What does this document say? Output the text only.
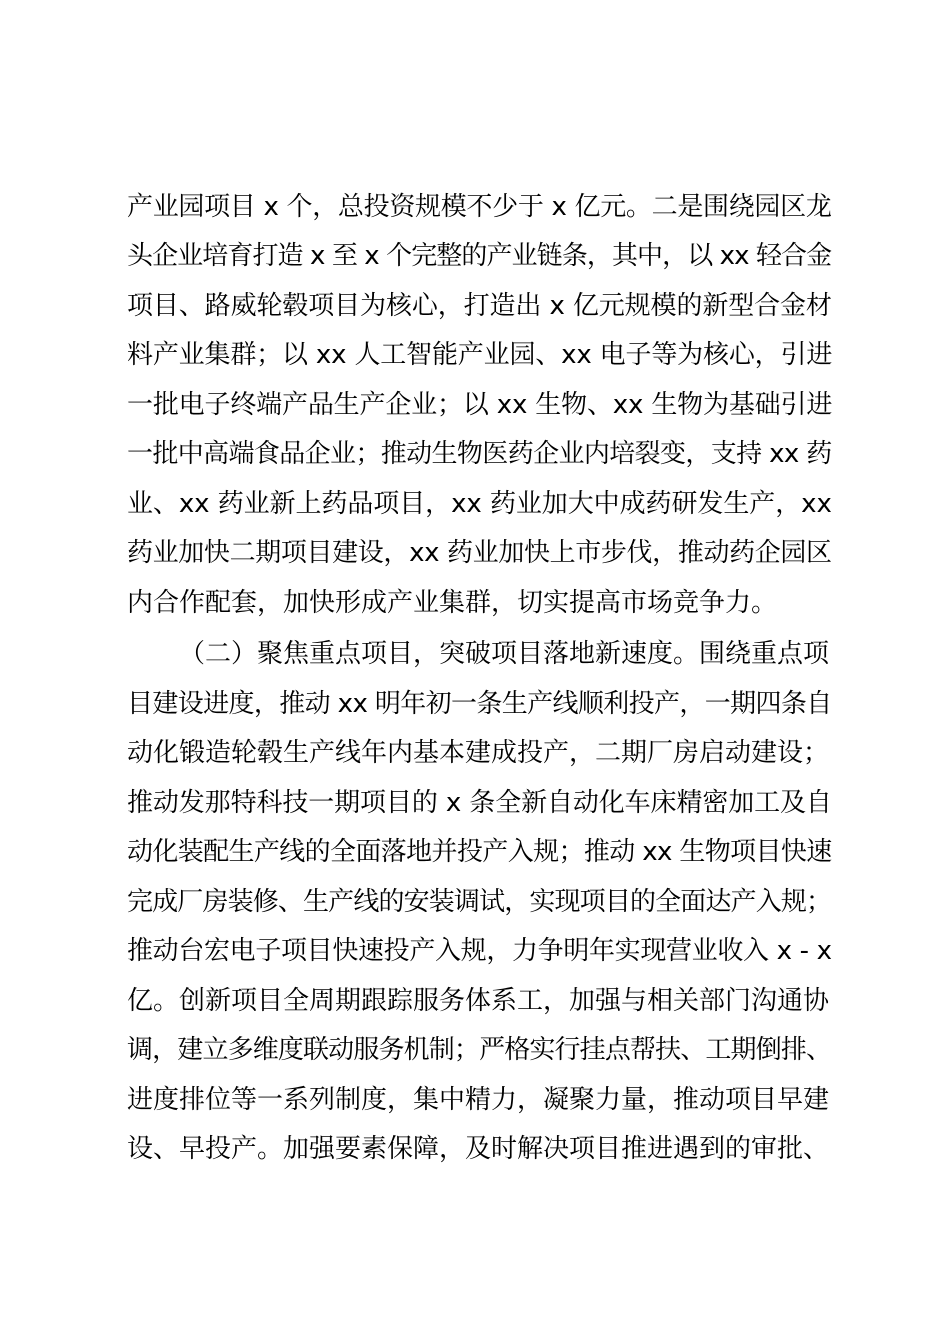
产业园项目 x 个，总投资规模不少于 x 亿元。二是围绕园区龙
头企业培育打造 x 至 x 个完整的产业链条，其中，以 xx 轻合金
项目、路威轮毂项目为核心，打造出 x 亿元规模的新型合金材
料产业集群；以 xx 人工智能产业园、xx 电子等为核心，引进
一批电子终端产品生产企业；以 xx 生物、xx 生物为基础引进
一批中高端食品企业；推动生物医药企业内培裂变，支持 xx 药
业、xx 药业新上药品项目，xx 药业加大中成药研发生产，xx
药业加快二期项目建设，xx 药业加快上市步伐，推动药企园区
内合作配套，加快形成产业集群，切实提高市场竞争力。
（二）聚焦重点项目，突破项目落地新速度。围绕重点项
目建设进度，推动 xx 明年初一条生产线顺利投产，一期四条自
动化锻造轮毂生产线年内基本建成投产，二期厂房启动建设；
推动发那特科技一期项目的 x 条全新自动化车床精密加工及自
动化装配生产线的全面落地并投产入规；推动 xx 生物项目快速
完成厂房装修、生产线的安装调试，实现项目的全面达产入规；
推动台宏电子项目快速投产入规，力争明年实现营业收入 x - x
亿。创新项目全周期跟踪服务体系工，加强与相关部门沟通协
调，建立多维度联动服务机制；严格实行挂点帮扶、工期倒排、
进度排位等一系列制度，集中精力，凝聚力量，推动项目早建
设、早投产。加强要素保障，及时解决项目推进遇到的审批、
